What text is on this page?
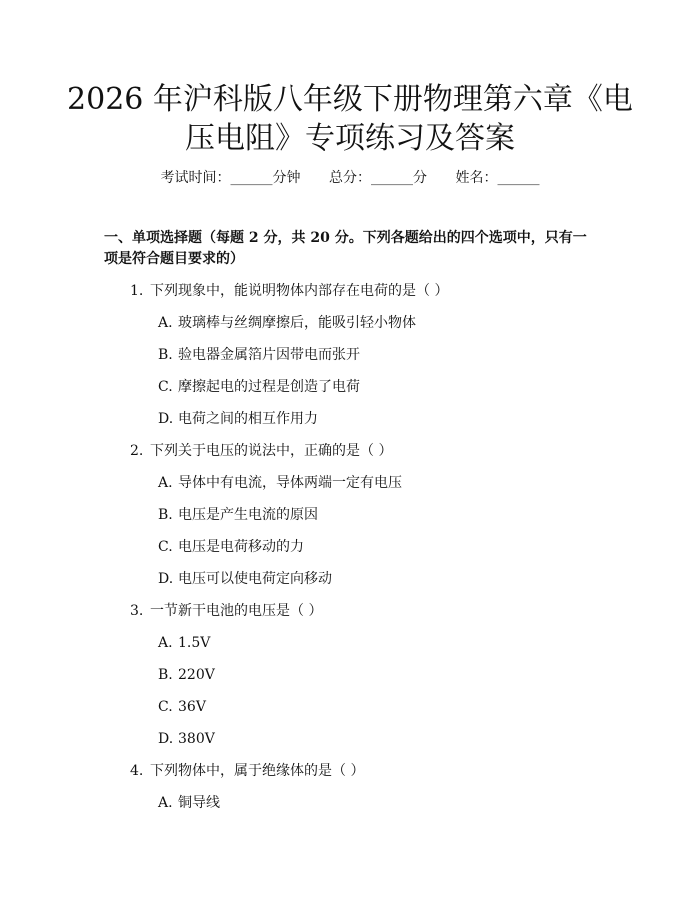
2026 年沪科版八年级下册物理第六章《电压电阻》专项练习及答案
考试时间：______分钟 总分：______分 姓名：______
一、单项选择题（每题 2 分，共 20 分。下列各题给出的四个选项中，只有一项是符合题目要求的）
1. 下列现象中，能说明物体内部存在电荷的是（ ）
A. 玻璃棒与丝绸摩擦后，能吸引轻小物体
B. 验电器金属箔片因带电而张开
C. 摩擦起电的过程是创造了电荷
D. 电荷之间的相互作用力
2. 下列关于电压的说法中，正确的是（ ）
A. 导体中有电流，导体两端一定有电压
B. 电压是产生电流的原因
C. 电压是电荷移动的力
D. 电压可以使电荷定向移动
3. 一节新干电池的电压是（ ）
A. 1.5V
B. 220V
C. 36V
D. 380V
4. 下列物体中，属于绝缘体的是（ ）
A. 铜导线
